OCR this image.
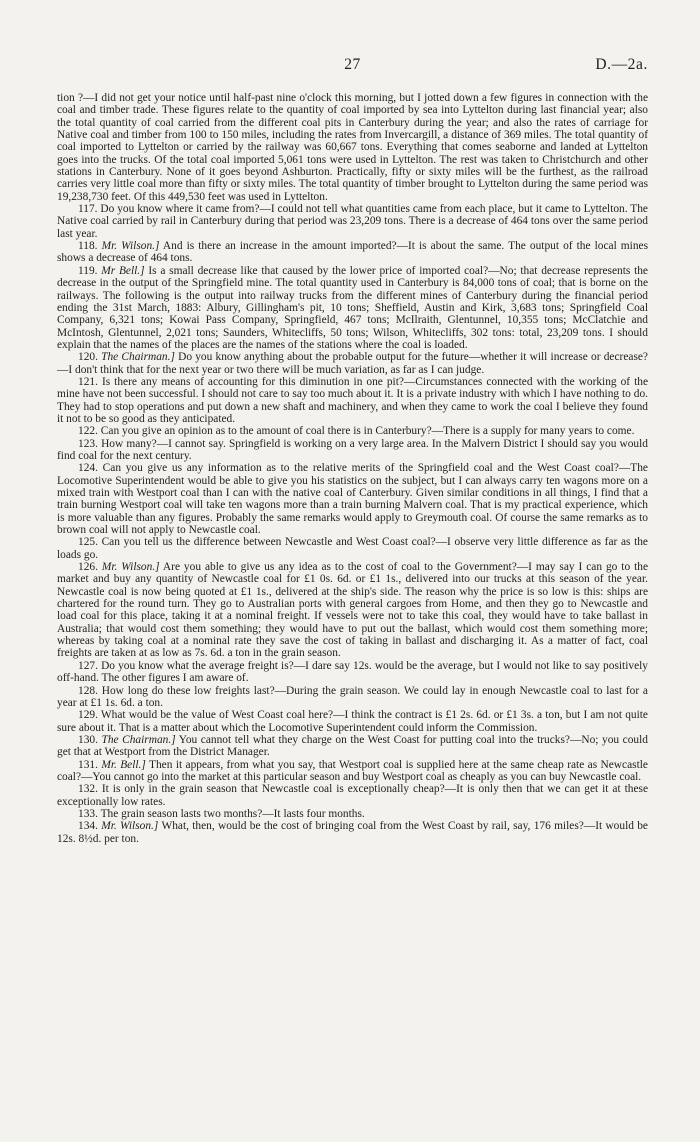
27	D.—2a.

tion ?—I did not get your notice until half-past nine o'clock this morning, but I jotted down a few figures in connection with the coal and timber trade. These figures relate to the quantity of coal imported by sea into Lyttelton during last financial year; also the total quantity of coal carried from the different coal pits in Canterbury during the year; and also the rates of carriage for Native coal and timber from 100 to 150 miles, including the rates from Invercargill, a distance of 369 miles. The total quantity of coal imported to Lyttelton or carried by the railway was 60,667 tons. Everything that comes seaborne and landed at Lyttelton goes into the trucks. Of the total coal imported 5,061 tons were used in Lyttelton. The rest was taken to Christchurch and other stations in Canterbury. None of it goes beyond Ashburton. Practically, fifty or sixty miles will be the furthest, as the railroad carries very little coal more than fifty or sixty miles. The total quantity of timber brought to Lyttelton during the same period was 19,238,730 feet. Of this 449,530 feet was used in Lyttelton.

117. Do you know where it came from?—I could not tell what quantities came from each place, but it came to Lyttelton. The Native coal carried by rail in Canterbury during that period was 23,209 tons. There is a decrease of 464 tons over the same period last year.

118. Mr. Wilson.] And is there an increase in the amount imported?—It is about the same. The output of the local mines shows a decrease of 464 tons.

119. Mr Bell.] Is a small decrease like that caused by the lower price of imported coal?—No; that decrease represents the decrease in the output of the Springfield mine. The total quantity used in Canterbury is 84,000 tons of coal; that is borne on the railways. The following is the output into railway trucks from the different mines of Canterbury during the financial period ending the 31st March, 1883: Albury, Gillingham's pit, 10 tons; Sheffield, Austin and Kirk, 3,683 tons; Springfield Coal Company, 6,321 tons; Kowai Pass Company, Springfield, 467 tons; McIlraith, Glentunnel, 10,355 tons; McClatchie and McIntosh, Glentunnel, 2,021 tons; Saunders, Whitecliffs, 50 tons; Wilson, Whitecliffs, 302 tons: total, 23,209 tons. I should explain that the names of the places are the names of the stations where the coal is loaded.

120. The Chairman.] Do you know anything about the probable output for the future—whether it will increase or decrease?—I don't think that for the next year or two there will be much variation, as far as I can judge.

121. Is there any means of accounting for this diminution in one pit?—Circumstances connected with the working of the mine have not been successful. I should not care to say too much about it. It is a private industry with which I have nothing to do. They had to stop operations and put down a new shaft and machinery, and when they came to work the coal I believe they found it not to be so good as they anticipated.

122. Can you give an opinion as to the amount of coal there is in Canterbury?—There is a supply for many years to come.

123. How many?—I cannot say. Springfield is working on a very large area. In the Malvern District I should say you would find coal for the next century.

124. Can you give us any information as to the relative merits of the Springfield coal and the West Coast coal?—The Locomotive Superintendent would be able to give you his statistics on the subject, but I can always carry ten wagons more on a mixed train with Westport coal than I can with the native coal of Canterbury. Given similar conditions in all things, I find that a train burning Westport coal will take ten wagons more than a train burning Malvern coal. That is my practical experience, which is more valuable than any figures. Probably the same remarks would apply to Greymouth coal. Of course the same remarks as to brown coal will not apply to Newcastle coal.

125. Can you tell us the difference between Newcastle and West Coast coal?—I observe very little difference as far as the loads go.

126. Mr. Wilson.] Are you able to give us any idea as to the cost of coal to the Government?—I may say I can go to the market and buy any quantity of Newcastle coal for £1 0s. 6d. or £1 1s., delivered into our trucks at this season of the year. Newcastle coal is now being quoted at £1 1s., delivered at the ship's side. The reason why the price is so low is this: ships are chartered for the round turn. They go to Australian ports with general cargoes from Home, and then they go to Newcastle and load coal for this place, taking it at a nominal freight. If vessels were not to take this coal, they would have to take ballast in Australia; that would cost them something; they would have to put out the ballast, which would cost them something more; whereas by taking coal at a nominal rate they save the cost of taking in ballast and discharging it. As a matter of fact, coal freights are taken at as low as 7s. 6d. a ton in the grain season.

127. Do you know what the average freight is?—I dare say 12s. would be the average, but I would not like to say positively off-hand. The other figures I am aware of.

128. How long do these low freights last?—During the grain season. We could lay in enough Newcastle coal to last for a year at £1 1s. 6d. a ton.

129. What would be the value of West Coast coal here?—I think the contract is £1 2s. 6d. or £1 3s. a ton, but I am not quite sure about it. That is a matter about which the Locomotive Superintendent could inform the Commission.

130. The Chairman.] You cannot tell what they charge on the West Coast for putting coal into the trucks?—No; you could get that at Westport from the District Manager.

131. Mr. Bell.] Then it appears, from what you say, that Westport coal is supplied here at the same cheap rate as Newcastle coal?—You cannot go into the market at this particular season and buy Westport coal as cheaply as you can buy Newcastle coal.

132. It is only in the grain season that Newcastle coal is exceptionally cheap?—It is only then that we can get it at these exceptionally low rates.

133. The grain season lasts two months?—It lasts four months.

134. Mr. Wilson.] What, then, would be the cost of bringing coal from the West Coast by rail, say, 176 miles?—It would be 12s. 8½d. per ton.
